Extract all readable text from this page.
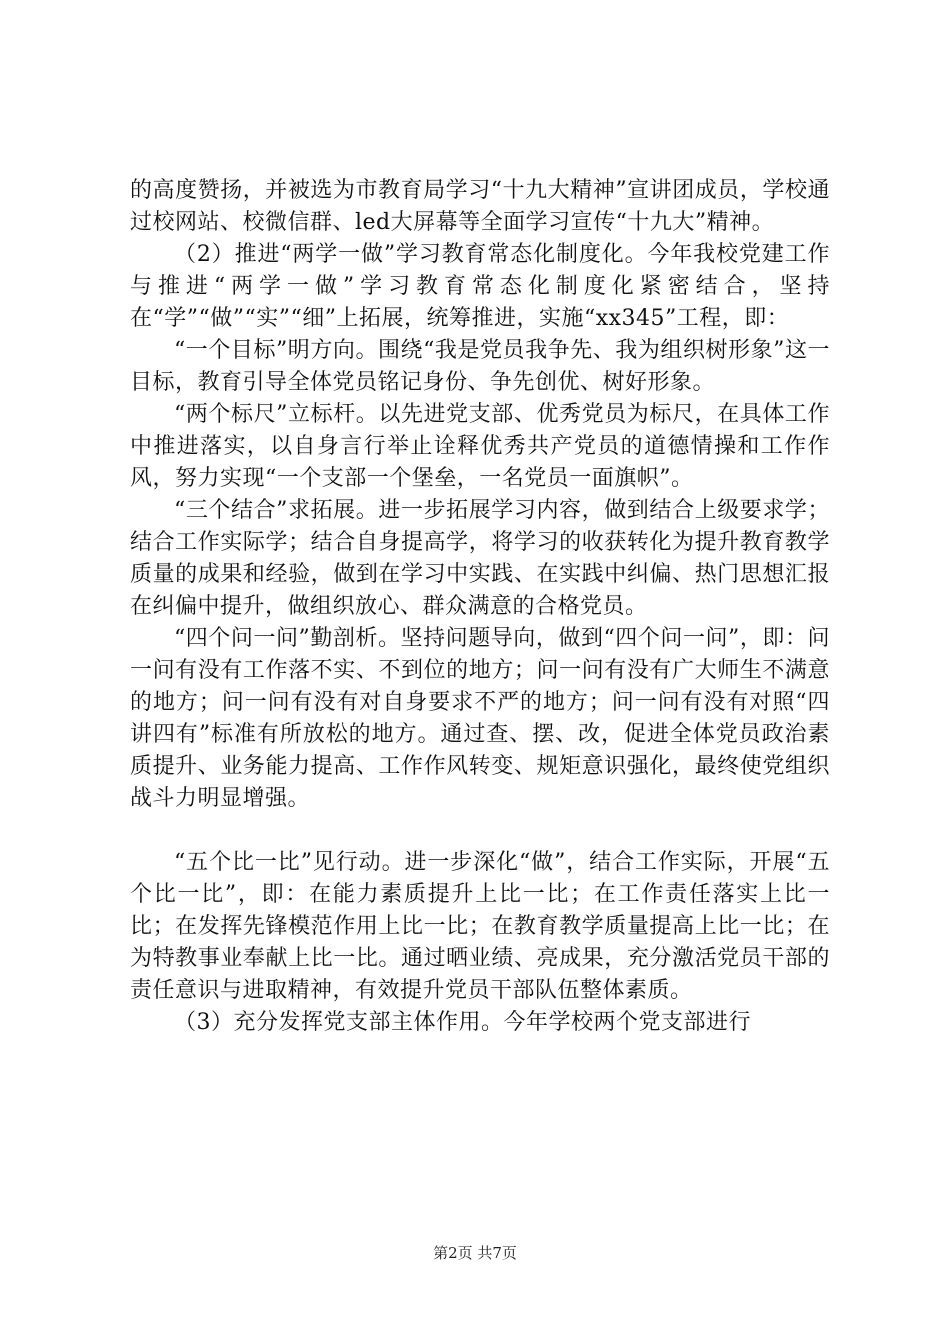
的高度赞扬，并被选为市教育局学习“十九大精神”宣讲团成员，学校通过校网站、校微信群、led大屏幕等全面学习宣传“十九大”精神。

（2）推进“两学一做”学习教育常态化制度化。今年我校党建工作与推进“两学一做”学习教育常态化制度化紧密结合，坚持在“学”“做”“实”“细”上拓展，统筹推进，实施“xx345”工程，即：

“一个目标”明方向。围绕“我是党员我争先、我为组织树形象”这一目标，教育引导全体党员铭记身份、争先创优、树好形象。

“两个标尺”立标杆。以先进党支部、优秀党员为标尺，在具体工作中推进落实，以自身言行举止诠释优秀共产党员的道德情操和工作作风，努力实现“一个支部一个堡垒，一名党员一面旗帜”。

“三个结合”求拓展。进一步拓展学习内容，做到结合上级要求学；结合工作实际学；结合自身提高学，将学习的收获转化为提升教育教学质量的成果和经验，做到在学习中实践、在实践中纠偏、热门思想汇报在纠偏中提升，做组织放心、群众满意的合格党员。

“四个问一问”勤剖析。坚持问题导向，做到“四个问一问”，即：问一问有没有工作落不实、不到位的地方；问一问有没有广大师生不满意的地方；问一问有没有对自身要求不严的地方；问一问有没有对照“四讲四有”标准有所放松的地方。通过查、摆、改，促进全体党员政治素质提升、业务能力提高、工作作风转变、规矩意识强化，最终使党组织战斗力明显增强。

“五个比一比”见行动。进一步深化“做”，结合工作实际，开展“五个比一比”，即：在能力素质提升上比一比；在工作责任落实上比一比；在发挥先锋模范作用上比一比；在教育教学质量提高上比一比；在为特教事业奉献上比一比。通过晒业绩、亮成果，充分激活党员干部的责任意识与进取精神，有效提升党员干部队伍整体素质。

（3）充分发挥党支部主体作用。今年学校两个党支部进行

第2页 共7页
